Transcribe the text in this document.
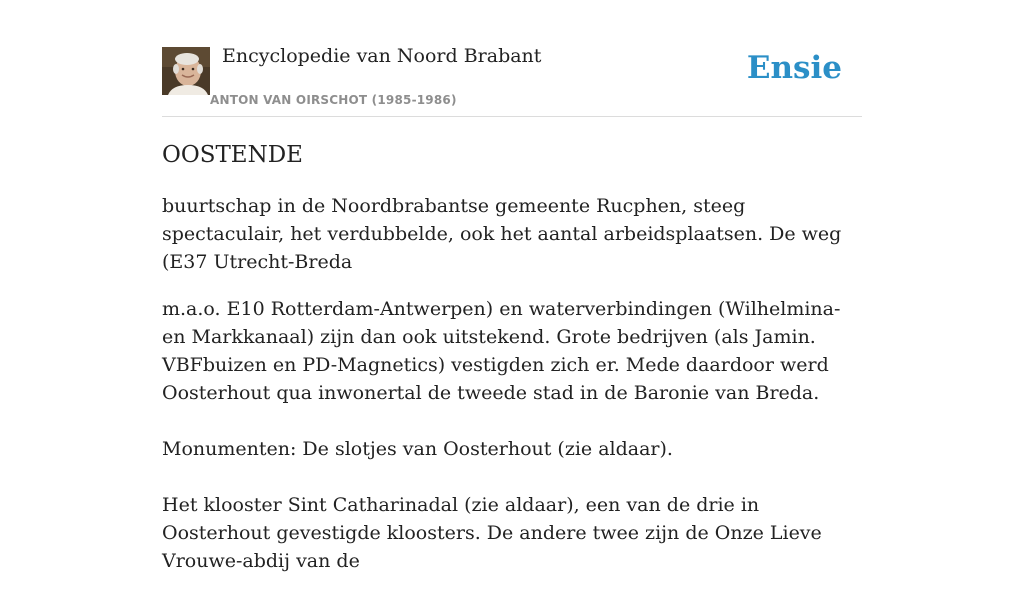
Encyclopedie van Noord Brabant
ANTON VAN OIRSCHOT (1985-1986)
Ensie
OOSTENDE

buurtschap in de Noordbrabantse gemeente Rucphen, steeg spectaculair, het verdubbelde, ook het aantal arbeidsplaatsen. De weg (E37 Utrecht-Breda

m.a.o. E10 Rotterdam-Antwerpen) en waterverbindingen (Wilhelmina- en Markkanaal) zijn dan ook uitstekend. Grote bedrijven (als Jamin. VBFbuizen en PD-Magnetics) vestigden zich er. Mede daardoor werd Oosterhout qua inwonertal de tweede stad in de Baronie van Breda.

Monumenten: De slotjes van Oosterhout (zie aldaar).

Het klooster Sint Catharinadal (zie aldaar), een van de drie in Oosterhout gevestigde kloosters. De andere twee zijn de Onze Lieve Vrouwe-abdij van de
